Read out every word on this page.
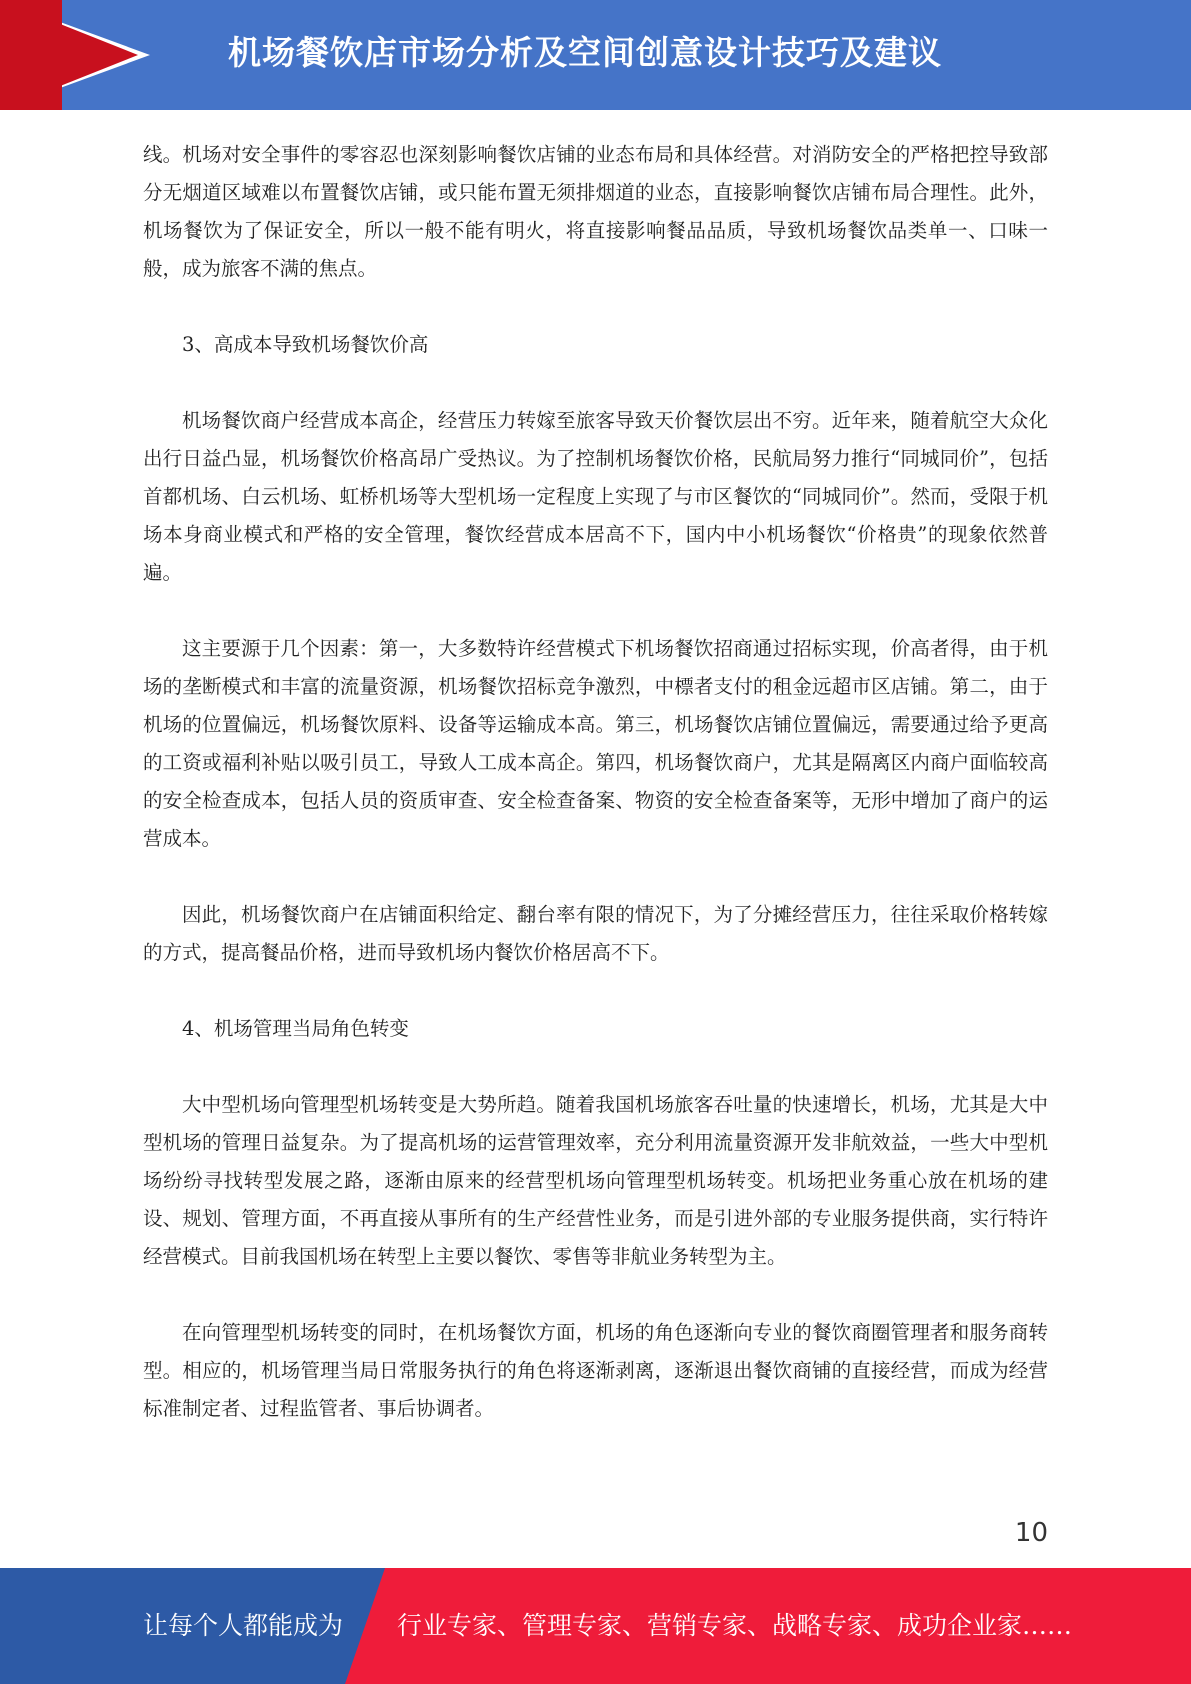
机场餐饮店市场分析及空间创意设计技巧及建议

线。机场对安全事件的零容忍也深刻影响餐饮店铺的业态布局和具体经营。对消防安全的严格把控导致部分无烟道区域难以布置餐饮店铺，或只能布置无须排烟道的业态，直接影响餐饮店铺布局合理性。此外，机场餐饮为了保证安全，所以一般不能有明火，将直接影响餐品品质，导致机场餐饮品类单一、口味一般，成为旅客不满的焦点。

3、高成本导致机场餐饮价高

机场餐饮商户经营成本高企，经营压力转嫁至旅客导致天价餐饮层出不穷。近年来，随着航空大众化出行日益凸显，机场餐饮价格高昂广受热议。为了控制机场餐饮价格，民航局努力推行“同城同价”，包括首都机场、白云机场、虹桥机场等大型机场一定程度上实现了与市区餐饮的“同城同价”。然而，受限于机场本身商业模式和严格的安全管理，餐饮经营成本居高不下，国内中小机场餐饮“价格贵”的现象依然普遍。

这主要源于几个因素：第一，大多数特许经营模式下机场餐饮招商通过招标实现，价高者得，由于机场的垄断模式和丰富的流量资源，机场餐饮招标竞争激烈，中標者支付的租金远超市区店铺。第二，由于机场的位置偏远，机场餐饮原料、设备等运输成本高。第三，机场餐饮店铺位置偏远，需要通过给予更高的工资或福利补贴以吸引员工，导致人工成本高企。第四，机场餐饮商户，尤其是隔离区内商户面临较高的安全检查成本，包括人员的资质审查、安全检查备案、物资的安全检查备案等，无形中增加了商户的运营成本。

因此，机场餐饮商户在店铺面积给定、翻台率有限的情况下，为了分摊经营压力，往往采取价格转嫁的方式，提高餐品价格，进而导致机场内餐饮价格居高不下。

4、机场管理当局角色转变

大中型机场向管理型机场转变是大势所趋。随着我国机场旅客吞吐量的快速增长，机场，尤其是大中型机场的管理日益复杂。为了提高机场的运营管理效率，充分利用流量资源开发非航效益，一些大中型机场纷纷寻找转型发展之路，逐渐由原来的经营型机场向管理型机场转变。机场把业务重心放在机场的建设、规划、管理方面，不再直接从事所有的生产经营性业务，而是引进外部的专业服务提供商，实行特许经营模式。目前我国机场在转型上主要以餐饮、零售等非航业务转型为主。

在向管理型机场转变的同时，在机场餐饮方面，机场的角色逐渐向专业的餐饮商圈管理者和服务商转型。相应的，机场管理当局日常服务执行的角色将逐渐剥离，逐渐退出餐饮商铺的直接经营，而成为经营标准制定者、过程监管者、事后协调者。

10
让每个人都能成为 行业专家、管理专家、营销专家、战略专家、成功企业家……
